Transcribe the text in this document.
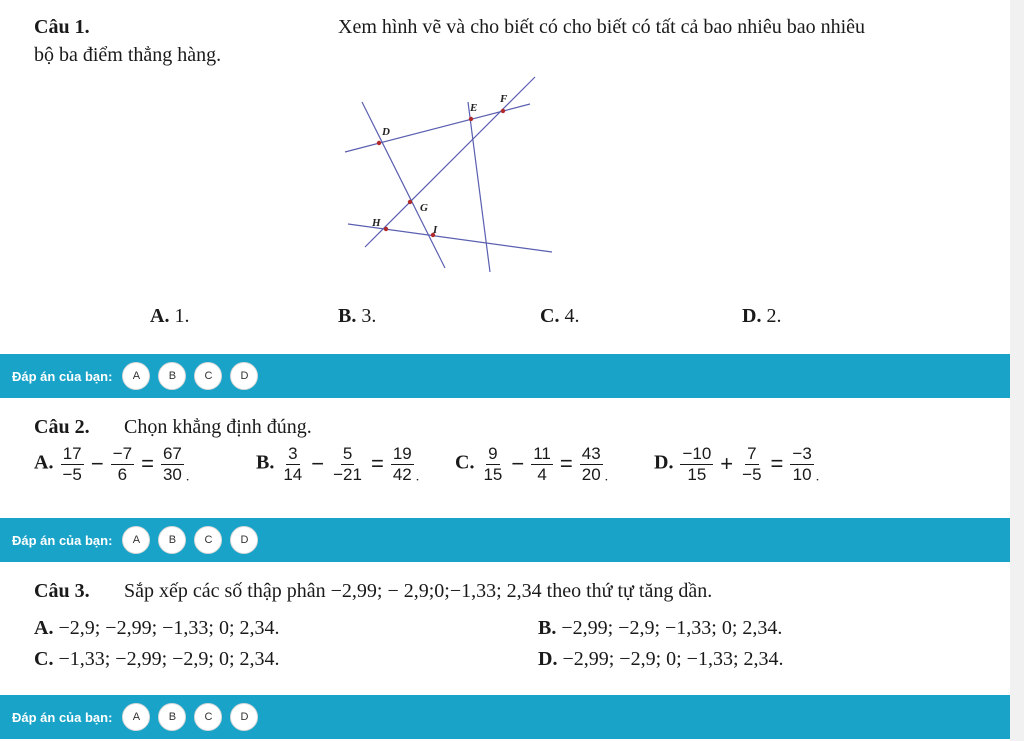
Câu 1.	Xem hình vẽ và cho biết có cho biết có tất cả bao nhiêu bao nhiêu
bộ ba điểm thẳng hàng.
E
F
D
G
H
I
A. 1.	B. 3.	C. 4.	D. 2.
Đáp án của bạn:	A	B	C	D
Câu 2. Chọn khẳng định đúng.
A. $\frac{17}{-5} - \frac{-7}{6} = \frac{67}{30} _.$
B. $\frac{3}{14} - \frac{5}{-21} = \frac{19}{42} _.$
C. $\frac{9}{15} - \frac{11}{4} = \frac{43}{20} _.$
D. $\frac{-10}{15} + \frac{7}{-5} = \frac{-3}{10} _.$
Đáp án của bạn:	A	B	C	D
Câu 3. Sắp xếp các số thập phân −2,99; − 2,9;0;−1,33; 2,34 theo thứ tự tăng dần.
A. −2,9; −2,99; −1,33; 0; 2,34.	B. −2,99; −2,9; −1,33; 0; 2,34.
C. −1,33; −2,99; −2,9; 0; 2,34.	D. −2,99; −2,9; 0; −1,33; 2,34.
Đáp án của bạn:	A	B	C	D
